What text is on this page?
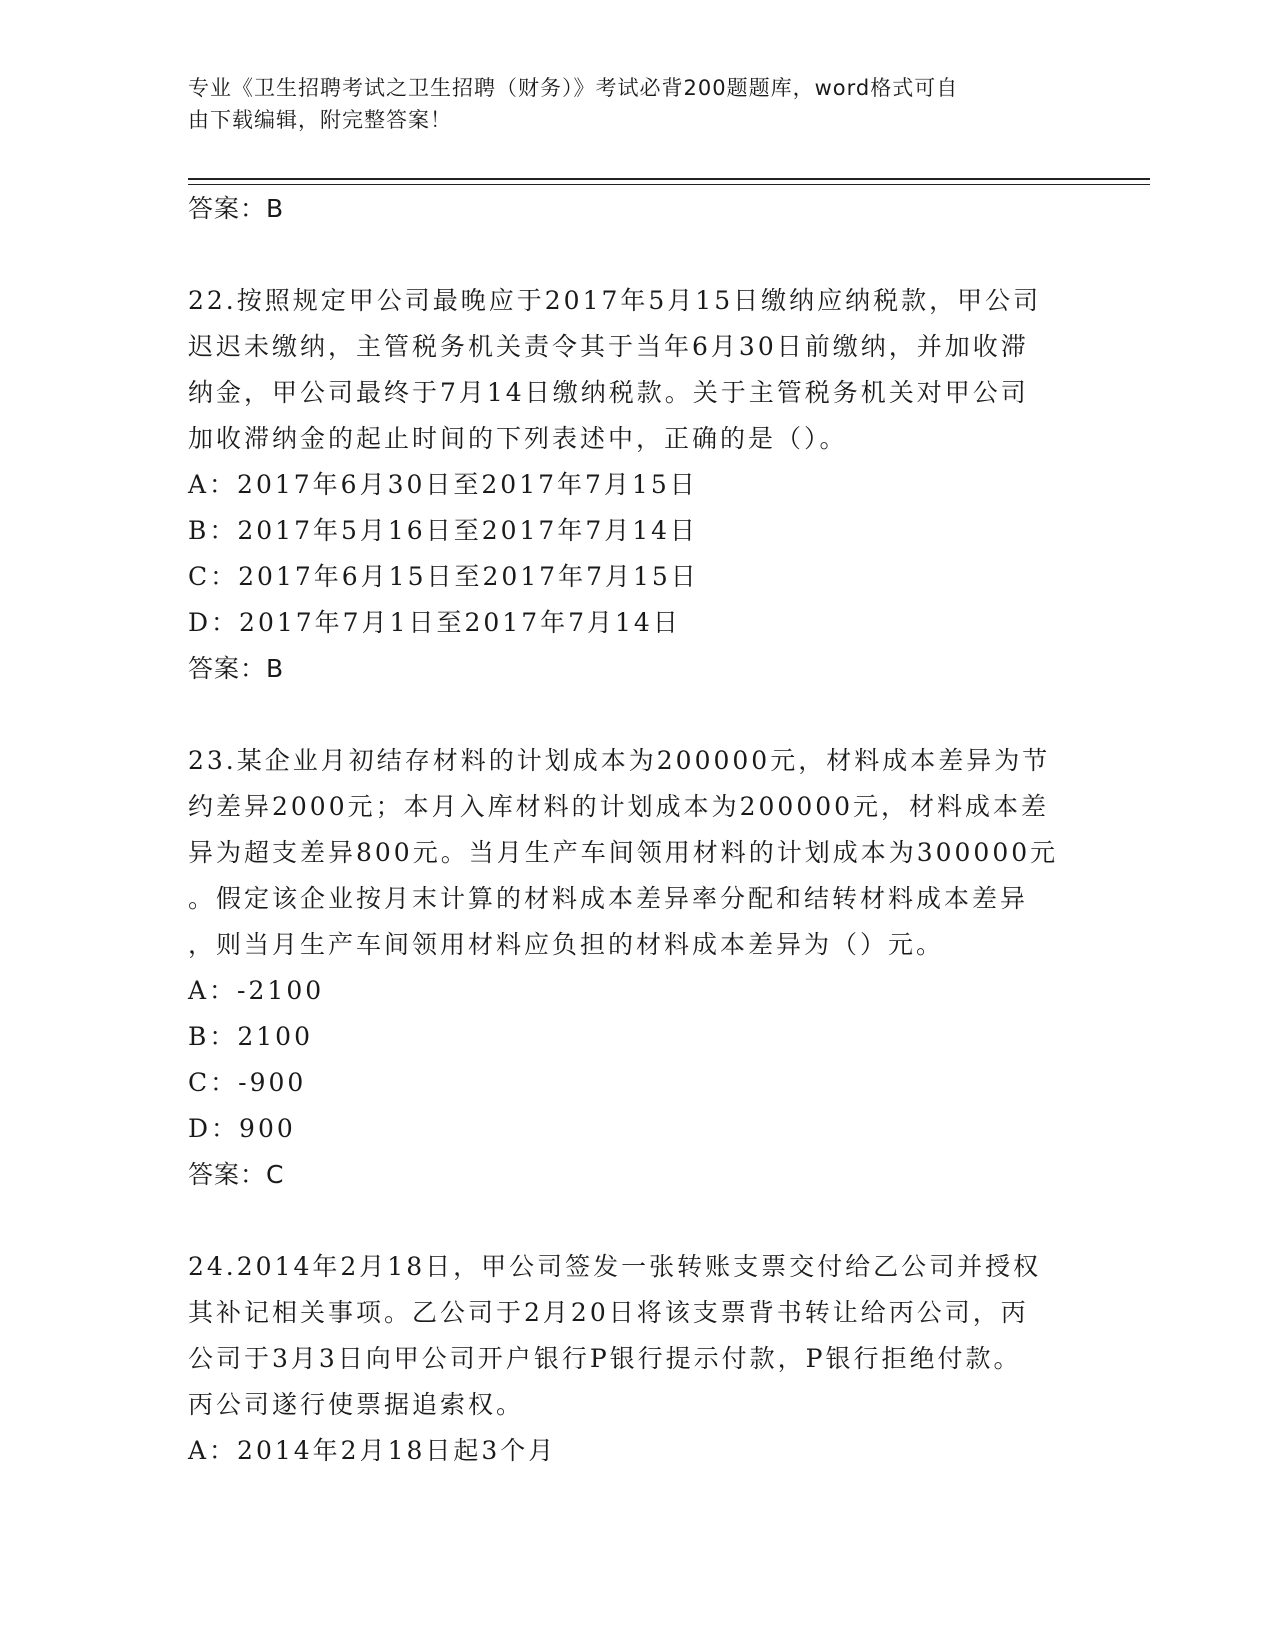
专业《卫生招聘考试之卫生招聘（财务）》考试必背200题题库，word格式可自
由下载编辑，附完整答案！
答案：B
22.按照规定甲公司最晚应于2017年5月15日缴纳应纳税款，甲公司
迟迟未缴纳，主管税务机关责令其于当年6月30日前缴纳，并加收滞
纳金，甲公司最终于7月14日缴纳税款。关于主管税务机关对甲公司
加收滞纳金的起止时间的下列表述中，正确的是（）。
A：2017年6月30日至2017年7月15日
B：2017年5月16日至2017年7月14日
C：2017年6月15日至2017年7月15日
D：2017年7月1日至2017年7月14日
答案：B
23.某企业月初结存材料的计划成本为200000元，材料成本差异为节
约差异2000元；本月入库材料的计划成本为200000元，材料成本差
异为超支差异800元。当月生产车间领用材料的计划成本为300000元
。假定该企业按月末计算的材料成本差异率分配和结转材料成本差异
，则当月生产车间领用材料应负担的材料成本差异为（）元。
A：-2100
B：2100
C：-900
D：900
答案：C
24.2014年2月18日，甲公司签发一张转账支票交付给乙公司并授权
其补记相关事项。乙公司于2月20日将该支票背书转让给丙公司，丙
公司于3月3日向甲公司开户银行P银行提示付款，P银行拒绝付款。
丙公司遂行使票据追索权。
A：2014年2月18日起3个月
